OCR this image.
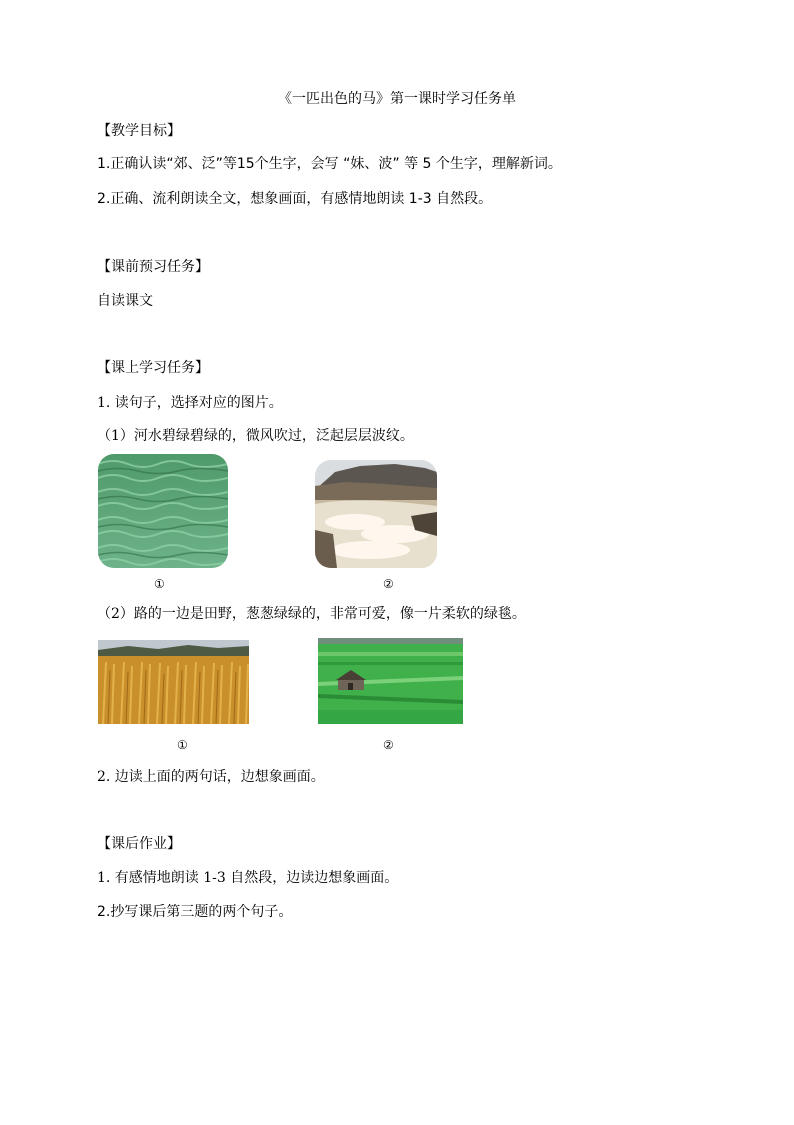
《一匹出色的马》第一课时学习任务单
【教学目标】
1.正确认读“郊、泛”等15个生字，会写 “妹、波” 等 5 个生字，理解新词。
2.正确、流利朗读全文，想象画面，有感情地朗读 1-3 自然段。
【课前预习任务】
自读课文
【课上学习任务】
1. 读句子，选择对应的图片。
（1）河水碧绿碧绿的，微风吹过，泛起层层波纹。
①	②
（2）路的一边是田野，葱葱绿绿的，非常可爱，像一片柔软的绿毯。
①	②
2. 边读上面的两句话，边想象画面。
【课后作业】
1. 有感情地朗读 1-3 自然段，边读边想象画面。
2.抄写课后第三题的两个句子。
